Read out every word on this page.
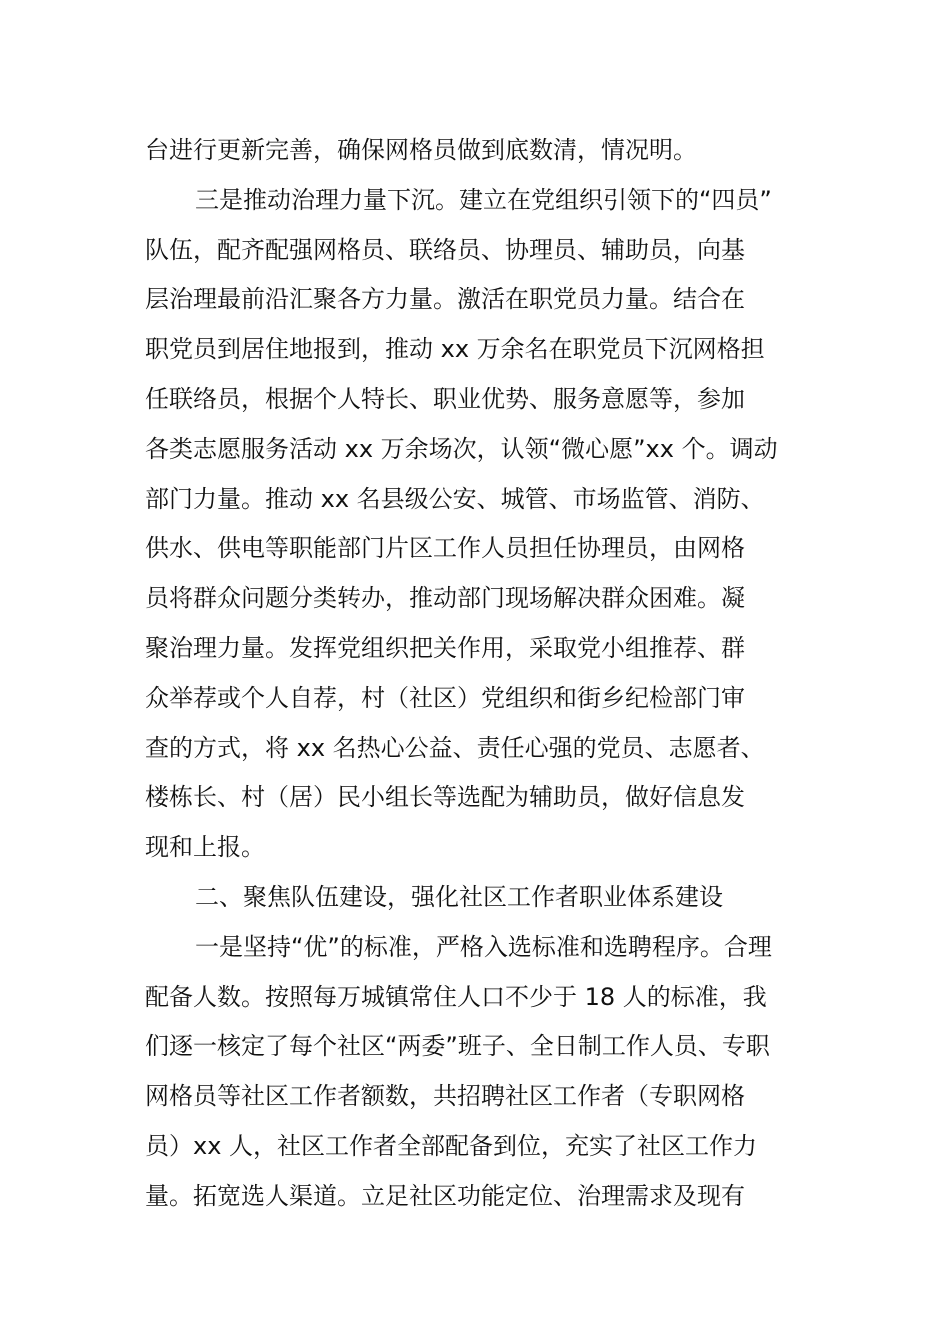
台进行更新完善，确保网格员做到底数清，情况明。
三是推动治理力量下沉。建立在党组织引领下的“四员”
队伍，配齐配强网格员、联络员、协理员、辅助员，向基
层治理最前沿汇聚各方力量。激活在职党员力量。结合在
职党员到居住地报到，推动 xx 万余名在职党员下沉网格担
任联络员，根据个人特长、职业优势、服务意愿等，参加
各类志愿服务活动 xx 万余场次，认领“微心愿”xx 个。调动
部门力量。推动 xx 名县级公安、城管、市场监管、消防、
供水、供电等职能部门片区工作人员担任协理员，由网格
员将群众问题分类转办，推动部门现场解决群众困难。凝
聚治理力量。发挥党组织把关作用，采取党小组推荐、群
众举荐或个人自荐，村（社区）党组织和街乡纪检部门审
查的方式，将 xx 名热心公益、责任心强的党员、志愿者、
楼栋长、村（居）民小组长等选配为辅助员，做好信息发
现和上报。
二、聚焦队伍建设，强化社区工作者职业体系建设
一是坚持“优”的标准，严格入选标准和选聘程序。合理
配备人数。按照每万城镇常住人口不少于 18 人的标准，我
们逐一核定了每个社区“两委”班子、全日制工作人员、专职
网格员等社区工作者额数，共招聘社区工作者（专职网格
员）xx 人，社区工作者全部配备到位，充实了社区工作力
量。拓宽选人渠道。立足社区功能定位、治理需求及现有
